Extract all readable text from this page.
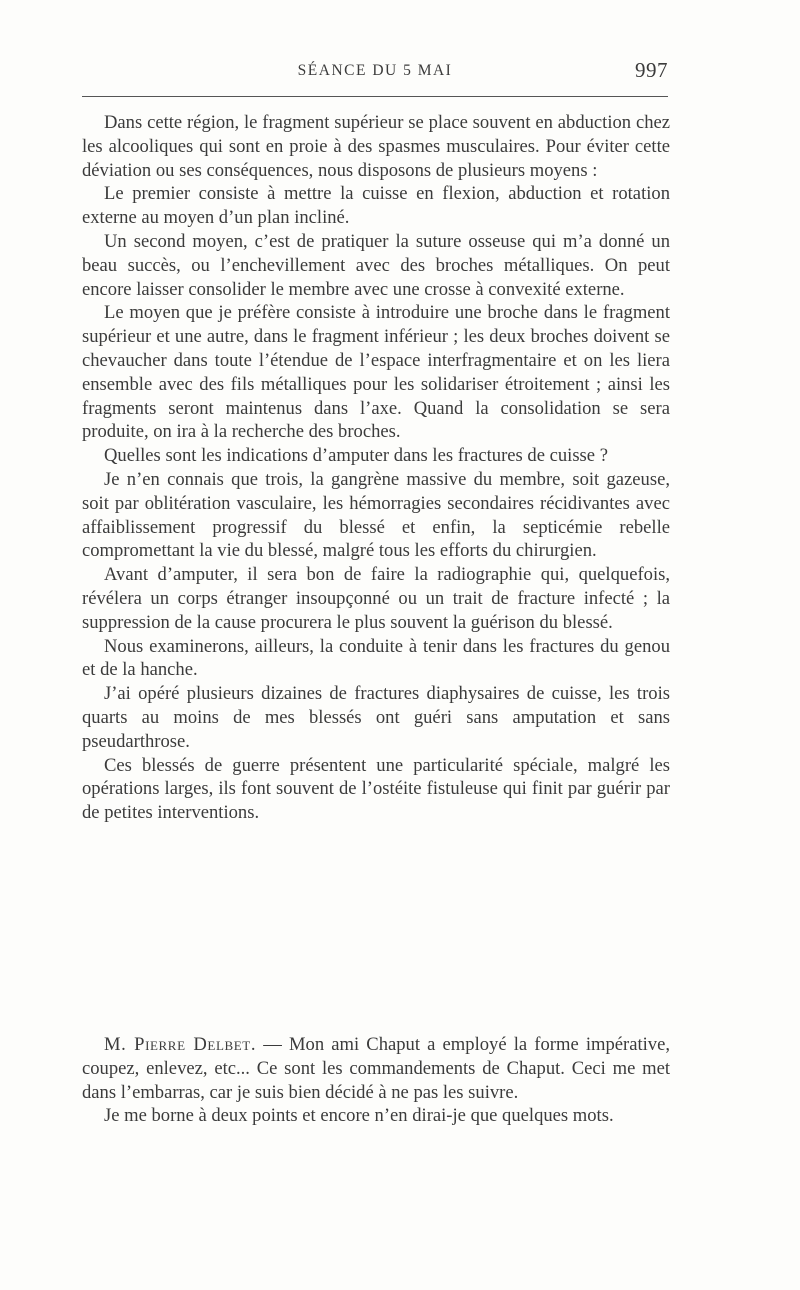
SÉANCE DU 5 MAI	997

Dans cette région, le fragment supérieur se place souvent en abduction chez les alcooliques qui sont en proie à des spasmes musculaires. Pour éviter cette déviation ou ses conséquences, nous disposons de plusieurs moyens :

Le premier consiste à mettre la cuisse en flexion, abduction et rotation externe au moyen d’un plan incliné.

Un second moyen, c’est de pratiquer la suture osseuse qui m’a donné un beau succès, ou l’enchevillement avec des broches métalliques. On peut encore laisser consolider le membre avec une crosse à convexité externe.

Le moyen que je préfère consiste à introduire une broche dans le fragment supérieur et une autre, dans le fragment inférieur ; les deux broches doivent se chevaucher dans toute l’étendue de l’espace interfragmentaire et on les liera ensemble avec des fils métalliques pour les solidariser étroitement ; ainsi les fragments seront maintenus dans l’axe. Quand la consolidation se sera produite, on ira à la recherche des broches.

Quelles sont les indications d’amputer dans les fractures de cuisse ?

Je n’en connais que trois, la gangrène massive du membre, soit gazeuse, soit par oblitération vasculaire, les hémorragies secondaires récidivantes avec affaiblissement progressif du blessé et enfin, la septicémie rebelle compromettant la vie du blessé, malgré tous les efforts du chirurgien.

Avant d’amputer, il sera bon de faire la radiographie qui, quelquefois, révélera un corps étranger insoupçonné ou un trait de fracture infecté ; la suppression de la cause procurera le plus souvent la guérison du blessé.

Nous examinerons, ailleurs, la conduite à tenir dans les fractures du genou et de la hanche.

J’ai opéré plusieurs dizaines de fractures diaphysaires de cuisse, les trois quarts au moins de mes blessés ont guéri sans amputation et sans pseudarthrose.

Ces blessés de guerre présentent une particularité spéciale, malgré les opérations larges, ils font souvent de l’ostéite fistuleuse qui finit par guérir par de petites interventions.

M. Pierre Delbet. — Mon ami Chaput a employé la forme impérative, coupez, enlevez, etc... Ce sont les commandements de Chaput. Ceci me met dans l’embarras, car je suis bien décidé à ne pas les suivre.

Je me borne à deux points et encore n’en dirai-je que quelques mots.
